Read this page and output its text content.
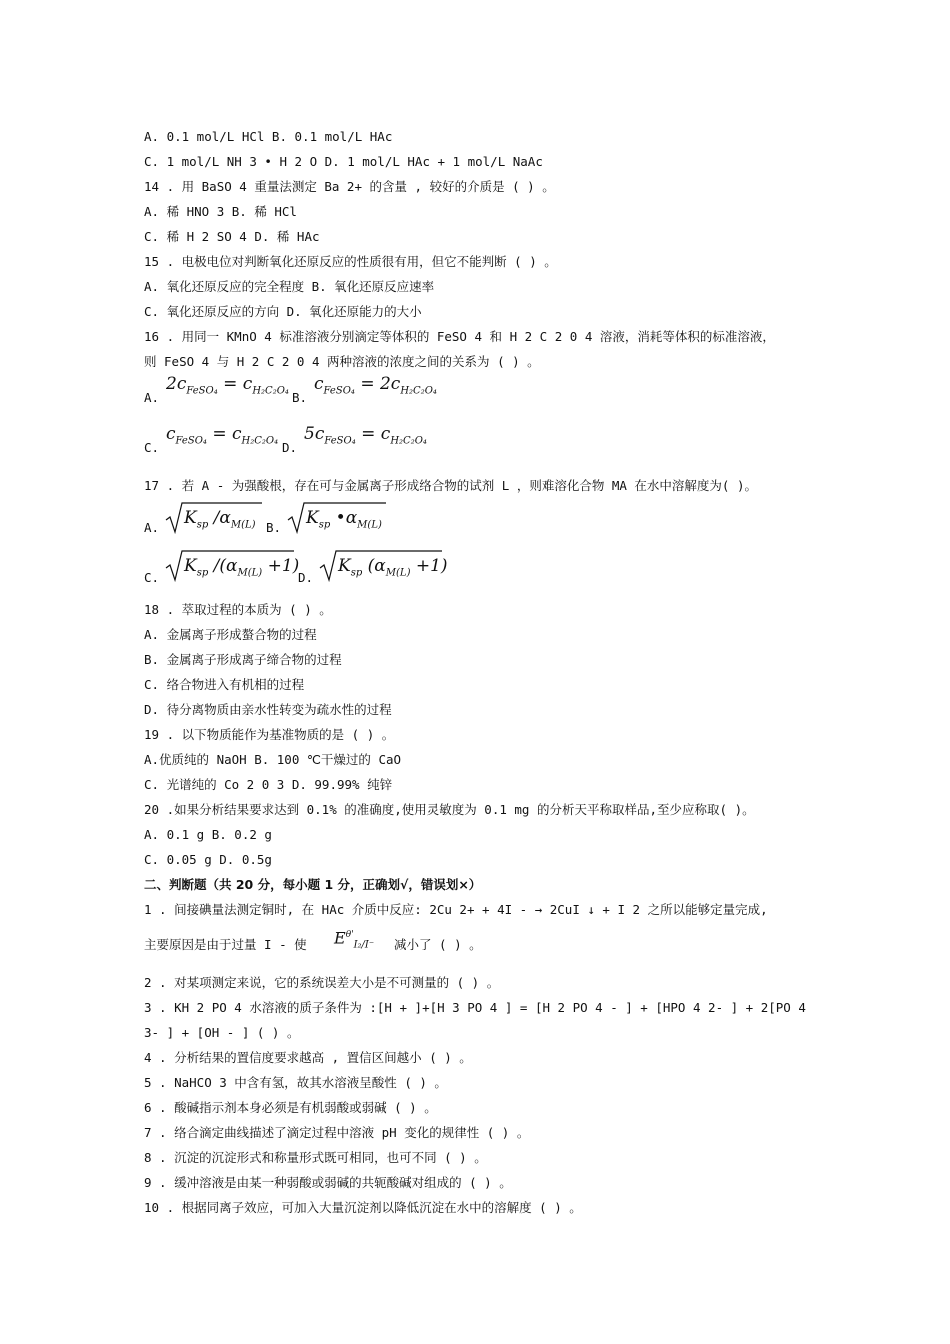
A. 0.1 mol/L HCl B. 0.1 mol/L HAc
C. 1 mol/L NH 3 • H 2 O D. 1 mol/L HAc + 1 mol/L NaAc
14 . 用 BaSO 4 重量法测定 Ba 2+ 的含量 , 较好的介质是 ( ) 。
A. 稀 HNO 3 B. 稀 HCl
C. 稀 H 2 SO 4 D. 稀 HAc
15 . 电极电位对判断氧化还原反应的性质很有用，但它不能判断 ( ) 。
A. 氧化还原反应的完全程度 B. 氧化还原反应速率
C. 氧化还原反应的方向 D. 氧化还原能力的大小
16 . 用同一 KMnO 4 标准溶液分别滴定等体积的 FeSO 4 和 H 2 C 2 0 4 溶液，消耗等体积的标准溶液，
则 FeSO 4 与 H 2 C 2 0 4 两种溶液的浓度之间的关系为 ( ) 。
A.
$2c_{FeSO_4} = c_{H_2C_2O_4}$ B.
$c_{FeSO_4} = 2c_{H_2C_2O_4}$
C.
$c_{FeSO_4} = c_{H_2C_2O_4}$ D.
$5c_{FeSO_4} = c_{H_2C_2O_4}$
17 . 若 A - 为强酸根，存在可与金属离子形成络合物的试剂 L ，则难溶化合物 MA 在水中溶解度为( )。
A. $K_{sp}$ $/\alpha_{M(L)}$ B. $K_{sp}$ $•\alpha_{M(L)}$
C.
$K_{sp}$ $/(\alpha_{M(L)} +1)$
D.
$K_{sp}$ $(\alpha_{M(L)} +1)$
18 . 萃取过程的本质为 ( ) 。
A. 金属离子形成螯合物的过程
B. 金属离子形成离子缔合物的过程
C. 络合物进入有机相的过程
D. 待分离物质由亲水性转变为疏水性的过程
19 . 以下物质能作为基准物质的是 ( ) 。
A.优质纯的 NaOH B. 100 ℃干燥过的 CaO
C. 光谱纯的 Co 2 0 3 D. 99.99% 纯锌
20 .如果分析结果要求达到 0.1% 的准确度,使用灵敏度为 0.1 mg 的分析天平称取样品,至少应称取( )。
A. 0.1 g B. 0.2 g
C. 0.05 g D. 0.5g
二、判断题（共 20 分，每小题 1 分，正确划√，错误划×）
1 . 间接碘量法测定铜时, 在 HAc 介质中反应: 2Cu 2+ + 4I - → 2CuI ↓ + I 2 之所以能够定量完成,
主要原因是由于过量 I - 使 $E^{\theta'}_{I_2/I^-}$ 减小了 ( ) 。
2 . 对某项测定来说，它的系统误差大小是不可测量的 ( ) 。
3 . KH 2 PO 4 水溶液的质子条件为 :[H + ]+[H 3 PO 4 ] = [H 2 PO 4 - ] + [HPO 4 2- ] + 2[PO 4
3- ] + [OH - ] ( ) 。
4 . 分析结果的置信度要求越高 , 置信区间越小 ( ) 。
5 . NaHCO 3 中含有氢，故其水溶液呈酸性 ( ) 。
6 . 酸碱指示剂本身必须是有机弱酸或弱碱 ( ) 。
7 . 络合滴定曲线描述了滴定过程中溶液 pH 变化的规律性 ( ) 。
8 . 沉淀的沉淀形式和称量形式既可相同，也可不同 ( ) 。
9 . 缓冲溶液是由某一种弱酸或弱碱的共轭酸碱对组成的 ( ) 。
10 . 根据同离子效应，可加入大量沉淀剂以降低沉淀在水中的溶解度 ( ) 。
